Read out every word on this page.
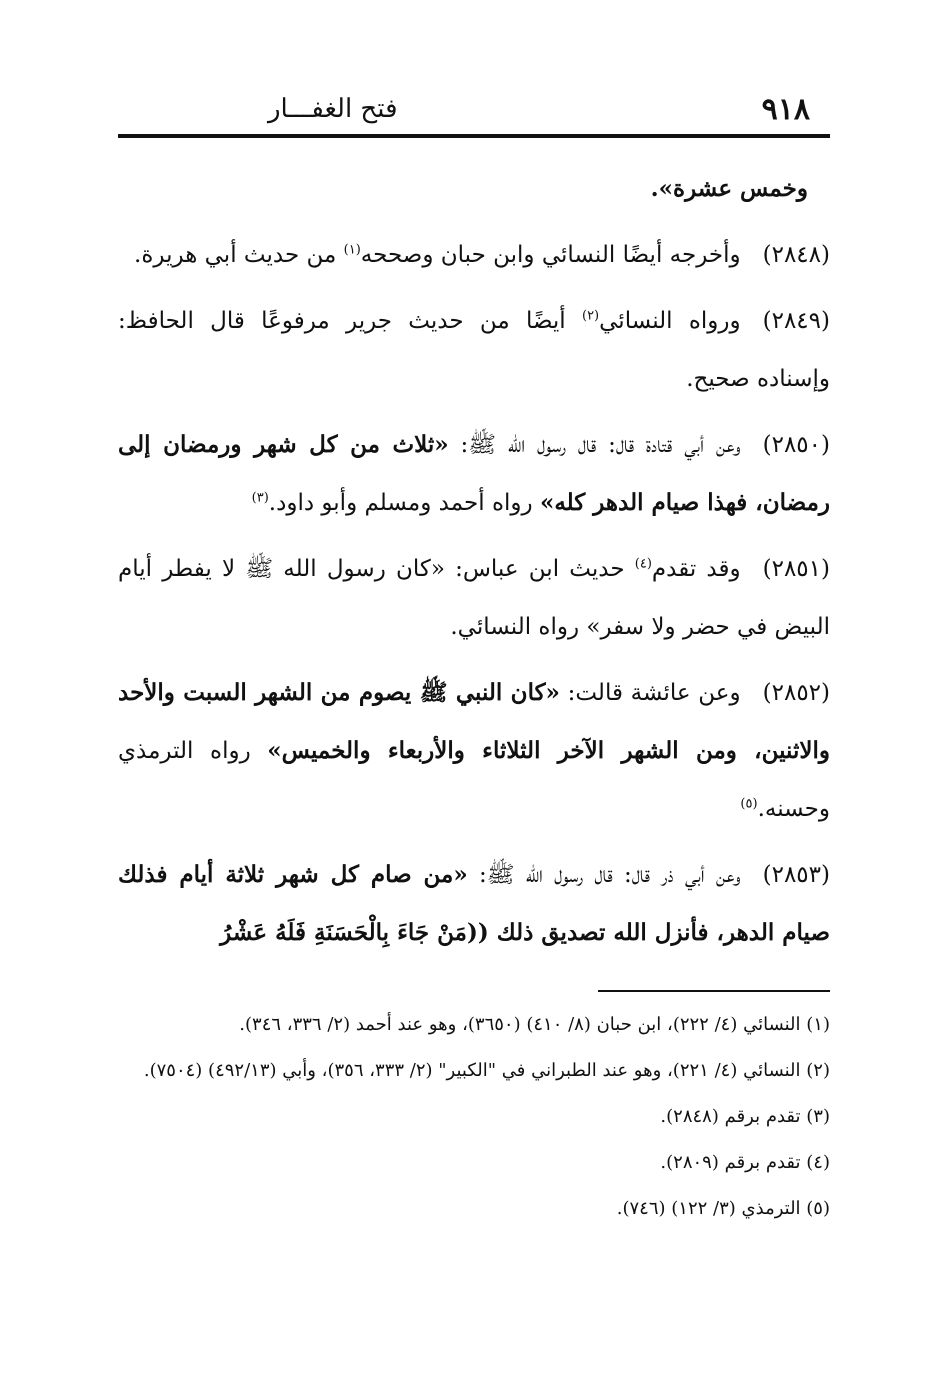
٩١٨
فتح الغفـــار

وخمس عشرة».

(٢٨٤٨)وأخرجه أيضًا النسائي وابن حبان وصححه$^{(١)}$ من حديث أبي هريرة.

(٢٨٤٩)ورواه النسائي$^{(٢)}$ أيضًا من حديث جرير مرفوعًا قال الحافظ: وإسناده صحيح.

(٢٨٥٠)وعن أبي قتادة قال: قال رسول الله ﷺ: «ثلاث من كل شهر ورمضان إلى رمضان، فهذا صيام الدهر كله» رواه أحمد ومسلم وأبو داود.$^{(٣)}$

(٢٨٥١)وقد تقدم$^{(٤)}$ حديث ابن عباس: «كان رسول الله ﷺ لا يفطر أيام البيض في حضر ولا سفر» رواه النسائي.

(٢٨٥٢)وعن عائشة قالت: «كان النبي ﷺ يصوم من الشهر السبت والأحد والاثنين، ومن الشهر الآخر الثلاثاء والأربعاء والخميس» رواه الترمذي وحسنه.$^{(٥)}$

(٢٨٥٣)وعن أبي ذر قال: قال رسول الله ﷺ: «من صام كل شهر ثلاثة أيام فذلك صيام الدهر، فأنزل الله تصديق ذلك ((مَنْ جَاءَ بِالْحَسَنَةِ فَلَهُ عَشْرُ

(١) النسائي (٤/ ٢٢٢)، ابن حبان (٨/ ٤١٠) (٣٦٥٠)، وهو عند أحمد (٢/ ٣٣٦، ٣٤٦).

(٢) النسائي (٤/ ٢٢١)، وهو عند الطبراني في "الكبير" (٢/ ٣٣٣، ٣٥٦)، وأبي (٤٩٢/١٣) (٧٥٠٤).

(٣) تقدم برقم (٢٨٤٨).

(٤) تقدم برقم (٢٨٠٩).

(٥) الترمذي (٣/ ١٢٢) (٧٤٦).
